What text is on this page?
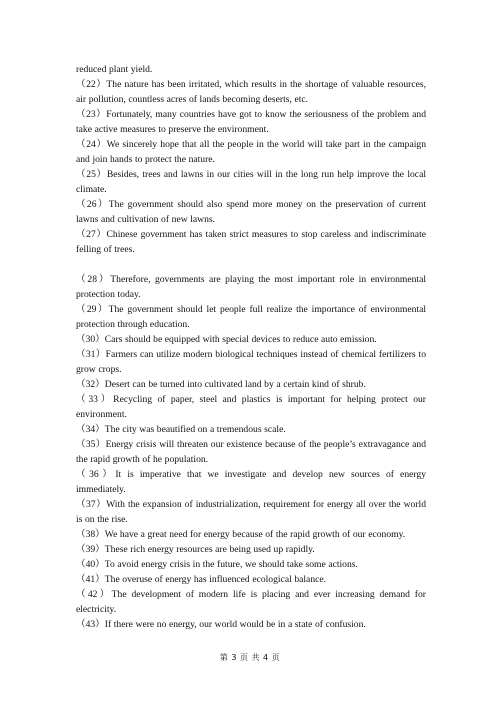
reduced plant yield.

（22）The nature has been irritated, which results in the shortage of valuable resources, air pollution, countless acres of lands becoming deserts, etc.

（23）Fortunately, many countries have got to know the seriousness of the problem and take active measures to preserve the environment.

（24）We sincerely hope that all the people in the world will take part in the campaign and join hands to protect the nature.

（25）Besides, trees and lawns in our cities will in the long run help improve the local climate.

（26）The government should also spend more money on the preservation of current lawns and cultivation of new lawns.

（27）Chinese government has taken strict measures to stop careless and indiscriminate felling of trees.

（28）Therefore, governments are playing the most important role in environmental protection today.

（29）The government should let people full realize the importance of environmental protection through education.

（30）Cars should be equipped with special devices to reduce auto emission.

（31）Farmers can utilize modern biological techniques instead of chemical fertilizers to grow crops.

（32）Desert can be turned into cultivated land by a certain kind of shrub.

（33）Recycling of paper, steel and plastics is important for helping protect our environment.

（34）The city was beautified on a tremendous scale.

（35）Energy crisis will threaten our existence because of the people’s extravagance and the rapid growth of he population.

（36）It is imperative that we investigate and develop new sources of energy immediately.

（37）With the expansion of industrialization, requirement for energy all over the world is on the rise.

（38）We have a great need for energy because of the rapid growth of our economy.

（39）These rich energy resources are being used up rapidly.

（40）To avoid energy crisis in the future, we should take some actions.

（41）The overuse of energy has influenced ecological balance.

（42）The development of modern life is placing and ever increasing demand for electricity.

（43）If there were no energy, our world would be in a state of confusion.

第 3 页 共 4 页
